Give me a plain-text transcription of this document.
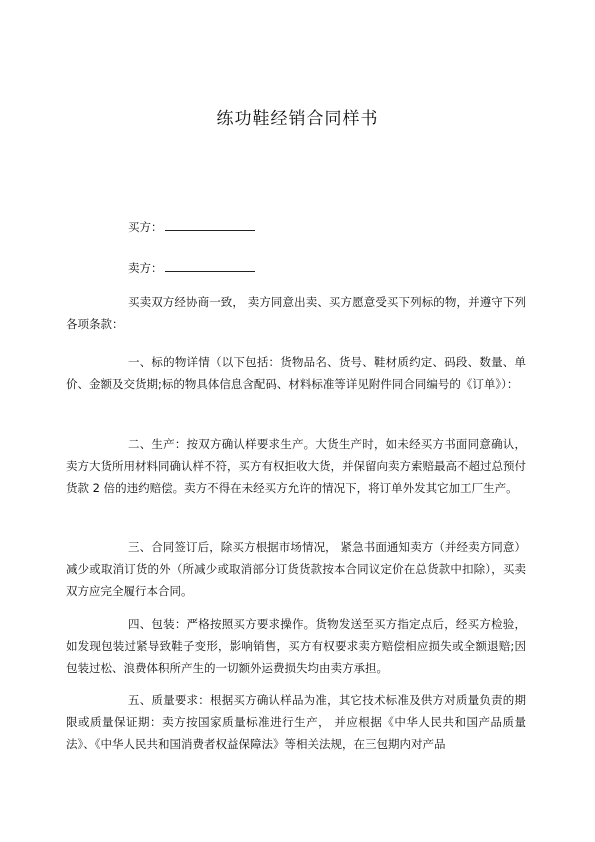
练功鞋经销合同样书
买方：
卖方：
买卖双方经协商一致， 卖方同意出卖、买方愿意受买下列标的物，并遵守下列各项条款：
一、标的物详情（以下包括：货物品名、货号、鞋材质约定、码段、数量、单价、金额及交货期;标的物具体信息含配码、材料标准等详见附件同合同编号的《订单》）：
二、生产：按双方确认样要求生产。大货生产时，如未经买方书面同意确认，卖方大货所用材料同确认样不符，买方有权拒收大货，并保留向卖方索赔最高不超过总预付货款 2 倍的违约赔偿。卖方不得在未经买方允许的情况下，将订单外发其它加工厂生产。
三、合同签订后，除买方根据市场情况， 紧急书面通知卖方（并经卖方同意）减少或取消订货的外（所减少或取消部分订货货款按本合同议定价在总货款中扣除），买卖双方应完全履行本合同。
四、包装：严格按照买方要求操作。货物发送至买方指定点后，经买方检验，如发现包装过紧导致鞋子变形，影响销售，买方有权要求卖方赔偿相应损失或全额退赔;因包装过松、浪费体积所产生的一切额外运费损失均由卖方承担。
五、质量要求：根据买方确认样品为准，其它技术标准及供方对质量负责的期限或质量保证期：卖方按国家质量标准进行生产， 并应根据《中华人民共和国产品质量法》、《中华人民共和国消费者权益保障法》等相关法规，在三包期内对产品
